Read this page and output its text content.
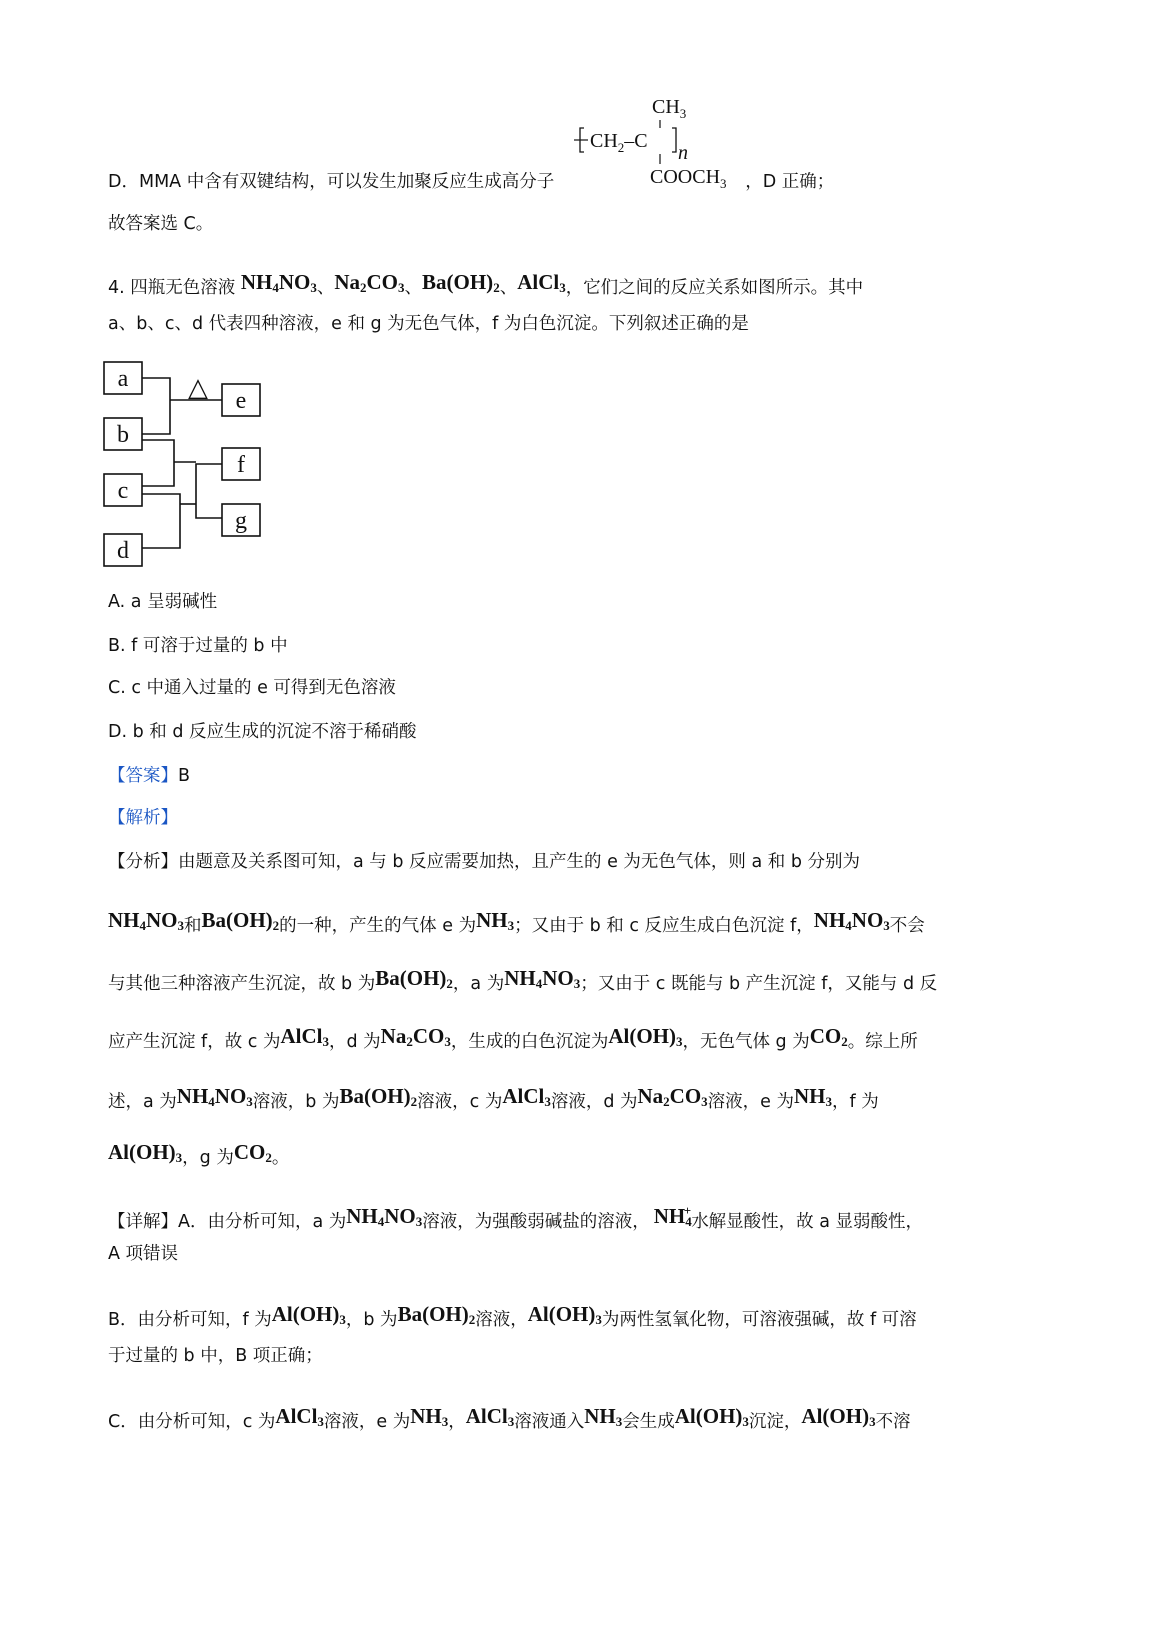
$CH_3$
$CH_2-C$
n
$COOCH_3$
D．MMA 中含有双键结构，可以发生加聚反应生成高分子	，D 正确；
故答案选 C。
4. 四瓶无色溶液 $NH_4NO_3$、$Na_2CO_3$、$Ba(OH)_2$、AlCl$_3$，它们之间的反应关系如图所示。其中
a、b、c、d 代表四种溶液，e 和 g 为无色气体，f 为白色沉淀。下列叙述正确的是
a
b
c
d
e
f
g
△
A. a 呈弱碱性
B. f 可溶于过量的 b 中
C. c 中通入过量的 e 可得到无色溶液
D. b 和 d 反应生成的沉淀不溶于稀硝酸
【答案】B
【解析】
【分析】由题意及关系图可知，a 与 b 反应需要加热，且产生的 e 为无色气体，则 a 和 b 分别为
$NH_4NO_3$和$Ba(OH)_2$的一种，产生的气体 e 为$NH_3$；又由于 b 和 c 反应生成白色沉淀 f，$NH_4NO_3$不会
与其他三种溶液产生沉淀，故 b 为$Ba(OH)_2$，a 为$NH_4NO_3$；又由于 c 既能与 b 产生沉淀 f，又能与 d 反
应产生沉淀 f，故 c 为AlCl$_3$，d 为$Na_2CO_3$，生成的白色沉淀为$Al(OH)_3$，无色气体 g 为$CO_2$。综上所
述，a 为$NH_4NO_3$溶液，b 为$Ba(OH)_2$溶液，c 为AlCl$_3$溶液，d 为$Na_2CO_3$溶液，e 为$NH_3$，f 为
$Al(OH)_3$，g 为$CO_2$。
【详解】A．由分析可知，a 为$NH_4NO_3$溶液，为强酸弱碱盐的溶液， $NH_4^+$水解显酸性，故 a 显弱酸性，
A 项错误
B．由分析可知，f 为$Al(OH)_3$，b 为$Ba(OH)_2$溶液，$Al(OH)_3$为两性氢氧化物，可溶液强碱，故 f 可溶
于过量的 b 中，B 项正确；
C．由分析可知，c 为AlCl$_3$溶液，e 为$NH_3$，AlCl$_3$溶液通入$NH_3$会生成$Al(OH)_3$沉淀，$Al(OH)_3$不溶
